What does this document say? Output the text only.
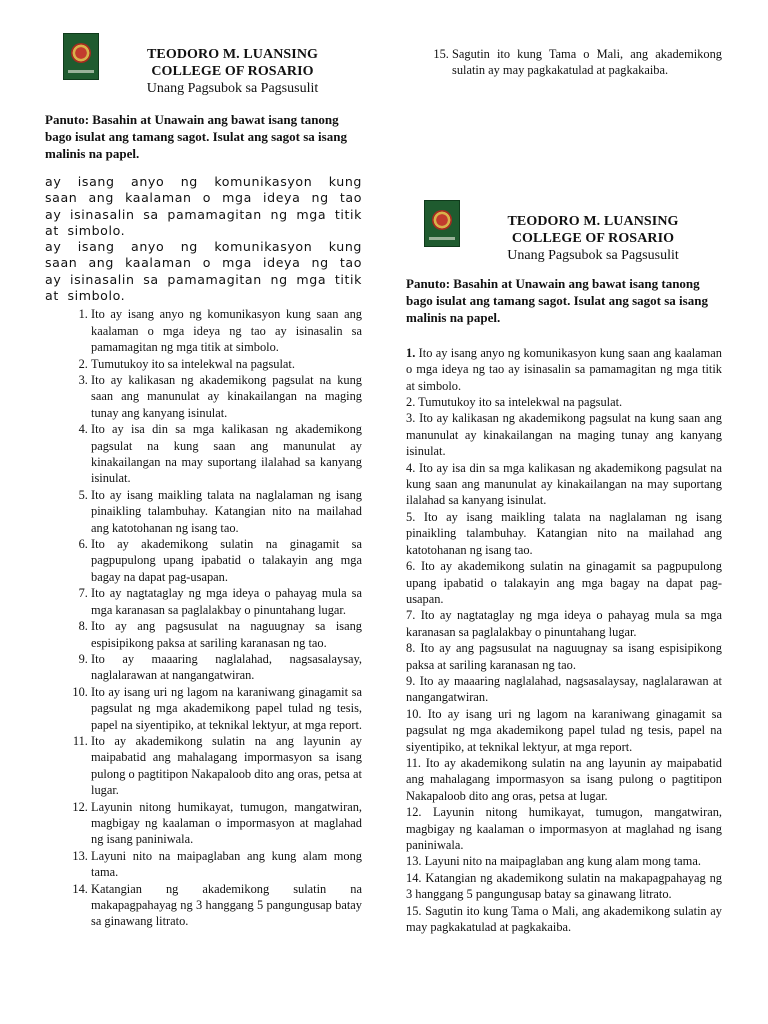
TEODORO M. LUANSING
COLLEGE OF ROSARIO
Unang Pagsubok sa Pagsusulit
Panuto: Basahin at Unawain ang bawat isang tanong bago isulat ang tamang sagot. Isulat ang sagot sa isang malinis na papel.

ay isang anyo ng komunikasyon kung saan ang kaalaman o mga ideya ng tao ay isinasalin sa pamamagitan ng mga titik at simbolo.

ay isang anyo ng komunikasyon kung saan ang kaalaman o mga ideya ng tao ay isinasalin sa pamamagitan ng mga titik at simbolo.

1. Ito ay isang anyo ng komunikasyon kung saan ang kaalaman o mga ideya ng tao ay isinasalin sa pamamagitan ng mga titik at simbolo.
2. Tumutukoy ito sa intelekwal na pagsulat.
3. Ito ay kalikasan ng akademikong pagsulat na kung saan ang manunulat ay kinakailangan na maging tunay ang kanyang isinulat.
4. Ito ay isa din sa mga kalikasan ng akademikong pagsulat na kung saan ang manunulat ay kinakailangan na may suportang ilalahad sa kanyang isinulat.
5. Ito ay isang maikling talata na naglalaman ng isang pinaikling talambuhay. Katangian nito na mailahad ang katotohanan ng isang tao.
6. Ito ay akademikong sulatin na ginagamit sa pagpupulong upang ipabatid o talakayin ang mga bagay na dapat pag-usapan.
7. Ito ay nagtataglay ng mga ideya o pahayag mula sa mga karanasan sa paglalakbay o pinuntahang lugar.
8. Ito ay ang pagsusulat na naguugnay sa isang espisipikong paksa at sariling karanasan ng tao.
9. Ito ay maaaring naglalahad, nagsasalaysay, naglalarawan at nangangatwiran.
10. Ito ay isang uri ng lagom na karaniwang ginagamit sa pagsulat ng mga akademikong papel tulad ng tesis, papel na siyentipiko, at teknikal lektyur, at mga report.
11. Ito ay akademikong sulatin na ang layunin ay maipabatid ang mahalagang impormasyon sa isang pulong o pagtitipon Nakapaloob dito ang oras, petsa at lugar.
12. Layunin nitong humikayat, tumugon, mangatwiran, magbigay ng kaalaman o impormasyon at maglahad ng isang paniniwala.
13. Layuni nito na maipaglaban ang kung alam mong tama.
14. Katangian ng akademikong sulatin na makapagpahayag ng 3 hanggang 5 pangungusap batay sa ginawang litrato.
15. Sagutin ito kung Tama o Mali, ang akademikong sulatin ay may pagkakatulad at pagkakaiba.
TEODORO M. LUANSING
COLLEGE OF ROSARIO
Unang Pagsubok sa Pagsusulit
Panuto: Basahin at Unawain ang bawat isang tanong bago isulat ang tamang sagot. Isulat ang sagot sa isang malinis na papel.

1. Ito ay isang anyo ng komunikasyon kung saan ang kaalaman o mga ideya ng tao ay isinasalin sa pamamagitan ng mga titik at simbolo.

2. Tumutukoy ito sa intelekwal na pagsulat.

3. Ito ay kalikasan ng akademikong pagsulat na kung saan ang manunulat ay kinakailangan na maging tunay ang kanyang isinulat.

4. Ito ay isa din sa mga kalikasan ng akademikong pagsulat na kung saan ang manunulat ay kinakailangan na may suportang ilalahad sa kanyang isinulat.

5. Ito ay isang maikling talata na naglalaman ng isang pinaikling talambuhay. Katangian nito na mailahad ang katotohanan ng isang tao.

6. Ito ay akademikong sulatin na ginagamit sa pagpupulong upang ipabatid o talakayin ang mga bagay na dapat pag-usapan.

7. Ito ay nagtataglay ng mga ideya o pahayag mula sa mga karanasan sa paglalakbay o pinuntahang lugar.

8. Ito ay ang pagsusulat na naguugnay sa isang espisipikong paksa at sariling karanasan ng tao.

9. Ito ay maaaring naglalahad, nagsasalaysay, naglalarawan at nangangatwiran.

10. Ito ay isang uri ng lagom na karaniwang ginagamit sa pagsulat ng mga akademikong papel tulad ng tesis, papel na siyentipiko, at teknikal lektyur, at mga report.

11. Ito ay akademikong sulatin na ang layunin ay maipabatid ang mahalagang impormasyon sa isang pulong o pagtitipon Nakapaloob dito ang oras, petsa at lugar.

12. Layunin nitong humikayat, tumugon, mangatwiran, magbigay ng kaalaman o impormasyon at maglahad ng isang paniniwala.

13. Layuni nito na maipaglaban ang kung alam mong tama.

14. Katangian ng akademikong sulatin na makapagpahayag ng 3 hanggang 5 pangungusap batay sa ginawang litrato.

15. Sagutin ito kung Tama o Mali, ang akademikong sulatin ay may pagkakatulad at pagkakaiba.
